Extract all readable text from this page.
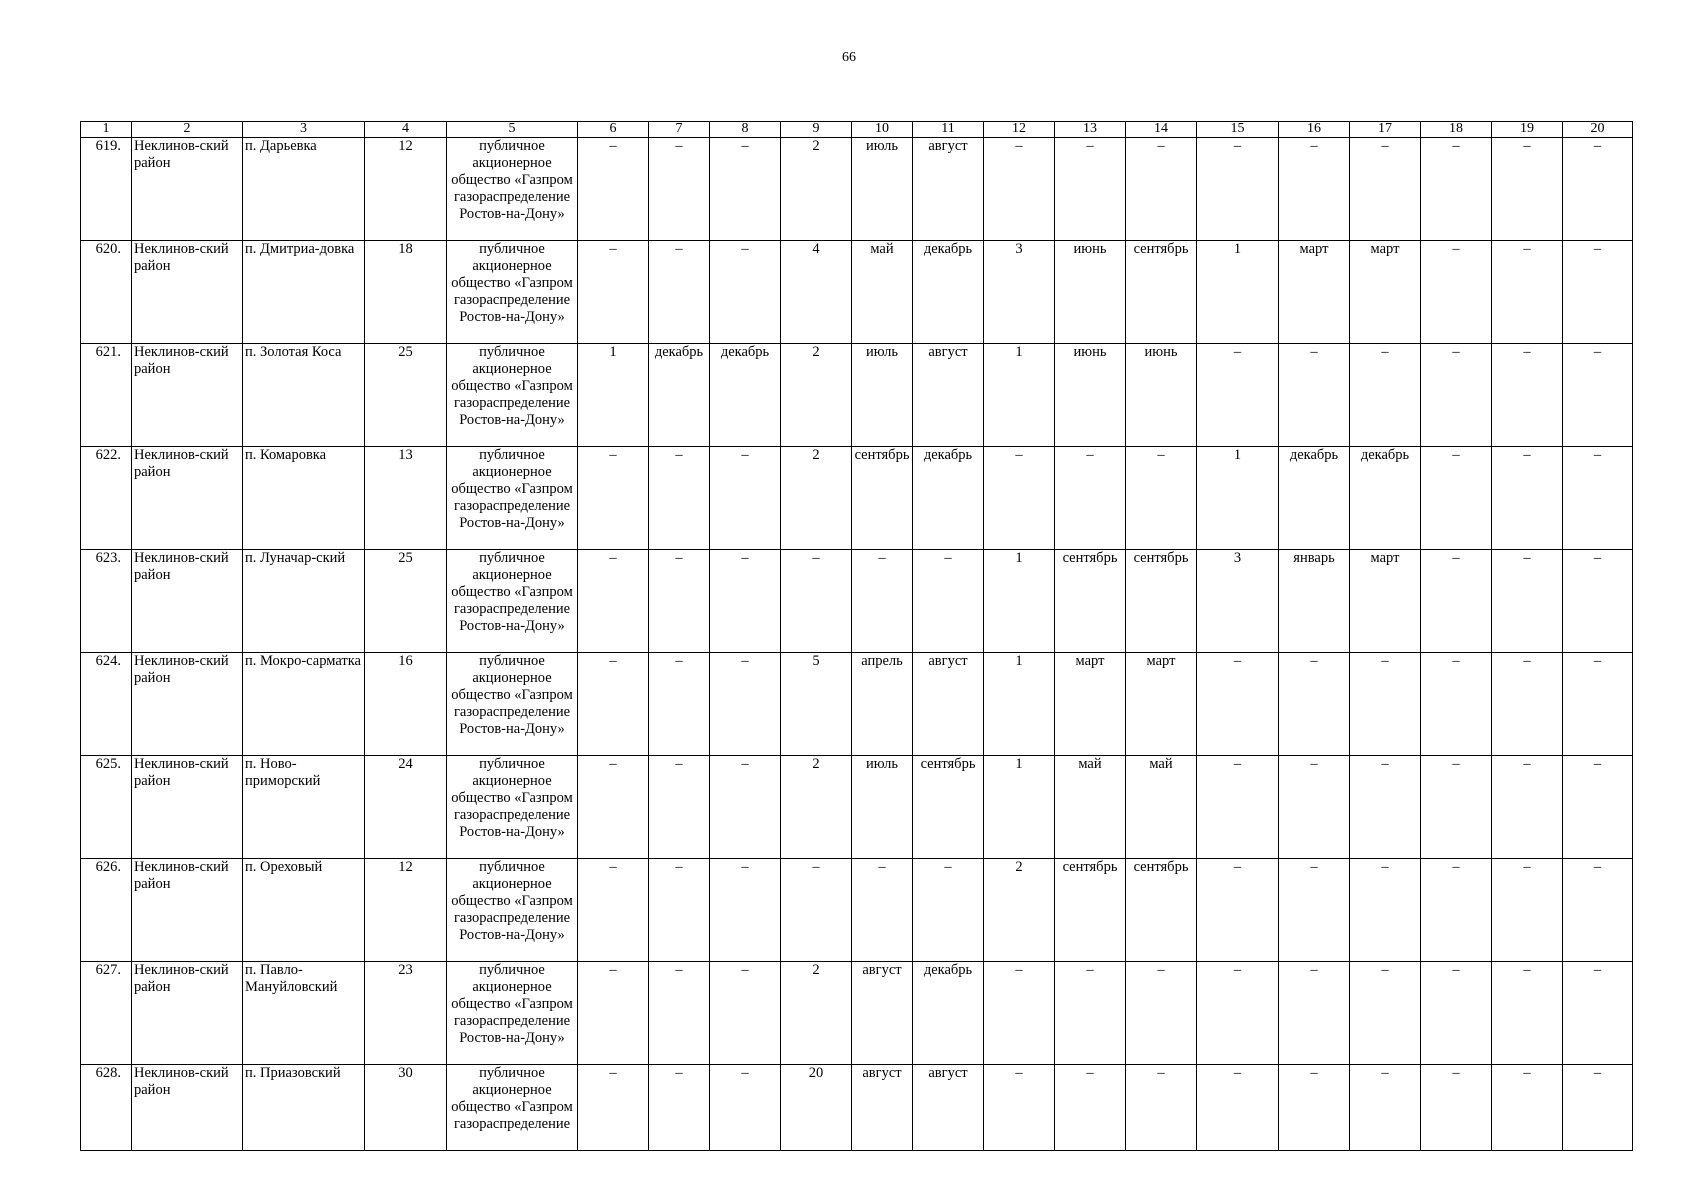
66
1	2	3	4	5	6	7	8	9	10	11	12	13	14	15	16	17	18	19	20
619.	Неклинов-ский район	п. Дарьевка	12	публичное акционерное общество «Газпром газораспределение Ростов-на-Дону»	–	–	–	2	июль	август	–	–	–	–	–	–	–	–	–
620.	Неклинов-ский район	п. Дмитриа-довка	18	публичное акционерное общество «Газпром газораспределение Ростов-на-Дону»	–	–	–	4	май	декабрь	3	июнь	сентябрь	1	март	март	–	–	–
621.	Неклинов-ский район	п. Золотая Коса	25	публичное акционерное общество «Газпром газораспределение Ростов-на-Дону»	1	декабрь	декабрь	2	июль	август	1	июнь	июнь	–	–	–	–	–	–
622.	Неклинов-ский район	п. Комаровка	13	публичное акционерное общество «Газпром газораспределение Ростов-на-Дону»	–	–	–	2	сентябрь	декабрь	–	–	–	1	декабрь	декабрь	–	–	–
623.	Неклинов-ский район	п. Луначар-ский	25	публичное акционерное общество «Газпром газораспределение Ростов-на-Дону»	–	–	–	–	–	–	1	сентябрь	сентябрь	3	январь	март	–	–	–
624.	Неклинов-ский район	п. Мокро-сарматка	16	публичное акционерное общество «Газпром газораспределение Ростов-на-Дону»	–	–	–	5	апрель	август	1	март	март	–	–	–	–	–	–
625.	Неклинов-ский район	п. Ново-приморский	24	публичное акционерное общество «Газпром газораспределение Ростов-на-Дону»	–	–	–	2	июль	сентябрь	1	май	май	–	–	–	–	–	–
626.	Неклинов-ский район	п. Ореховый	12	публичное акционерное общество «Газпром газораспределение Ростов-на-Дону»	–	–	–	–	–	–	2	сентябрь	сентябрь	–	–	–	–	–	–
627.	Неклинов-ский район	п. Павло-Мануйловский	23	публичное акционерное общество «Газпром газораспределение Ростов-на-Дону»	–	–	–	2	август	декабрь	–	–	–	–	–	–	–	–	–
628.	Неклинов-ский район	п. Приазовский	30	публичное акционерное общество «Газпром газораспределение	–	–	–	20	август	август	–	–	–	–	–	–	–	–	–
